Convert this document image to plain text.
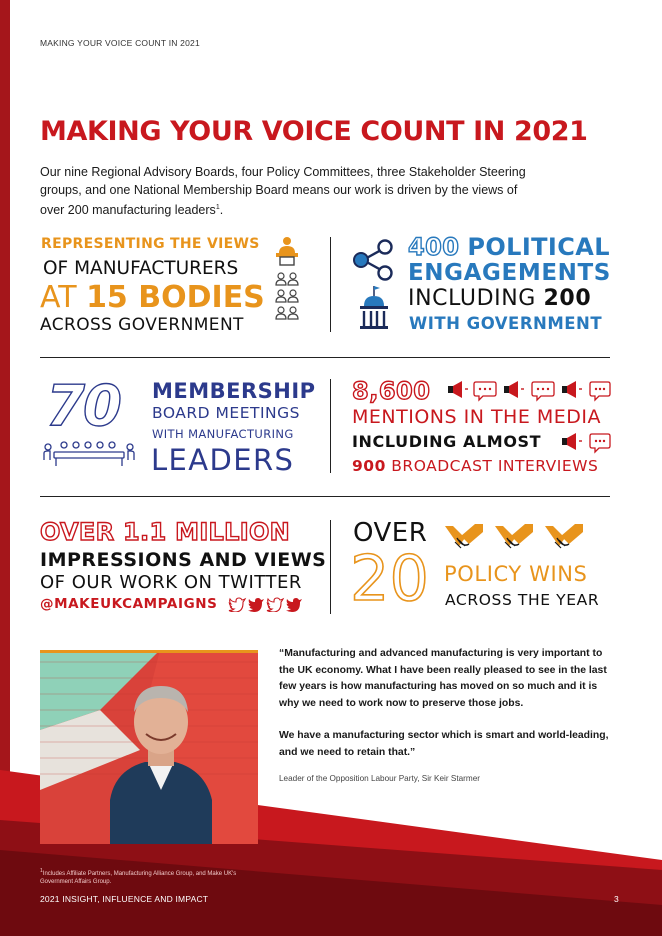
MAKING YOUR VOICE COUNT IN 2021
MAKING YOUR VOICE COUNT IN 2021
Our nine Regional Advisory Boards, four Policy Committees, three Stakeholder Steering groups, and one National Membership Board means our work is driven by the views of over 200 manufacturing leaders$^1$.
REPRESENTING THE VIEWS
OF MANUFACTURERS
AT 15 BODIES
ACROSS GOVERNMENT
400 POLITICAL
ENGAGEMENTS
INCLUDING 200
WITH GOVERNMENT
70 MEMBERSHIP
BOARD MEETINGS
WITH MANUFACTURING
LEADERS
8,600
MENTIONS IN THE MEDIA
INCLUDING ALMOST
900 BROADCAST INTERVIEWS
OVER 1.1 MILLION
IMPRESSIONS AND VIEWS
OF OUR WORK ON TWITTER
@MAKEUKCAMPAIGNS
OVER
20 POLICY WINS
ACROSS THE YEAR

“Manufacturing and advanced manufacturing is very important to the UK economy. What I have been really pleased to see in the last few years is how manufacturing has moved on so much and it is why we need to work now to preserve those jobs.

We have a manufacturing sector which is smart and world-leading, and we need to retain that.”

Leader of the Opposition Labour Party, Sir Keir Starmer
$^1$Includes Affiliate Partners, Manufacturing Alliance Group, and Make UK's Government Affairs Group.
2021 INSIGHT, INFLUENCE AND IMPACT	3
